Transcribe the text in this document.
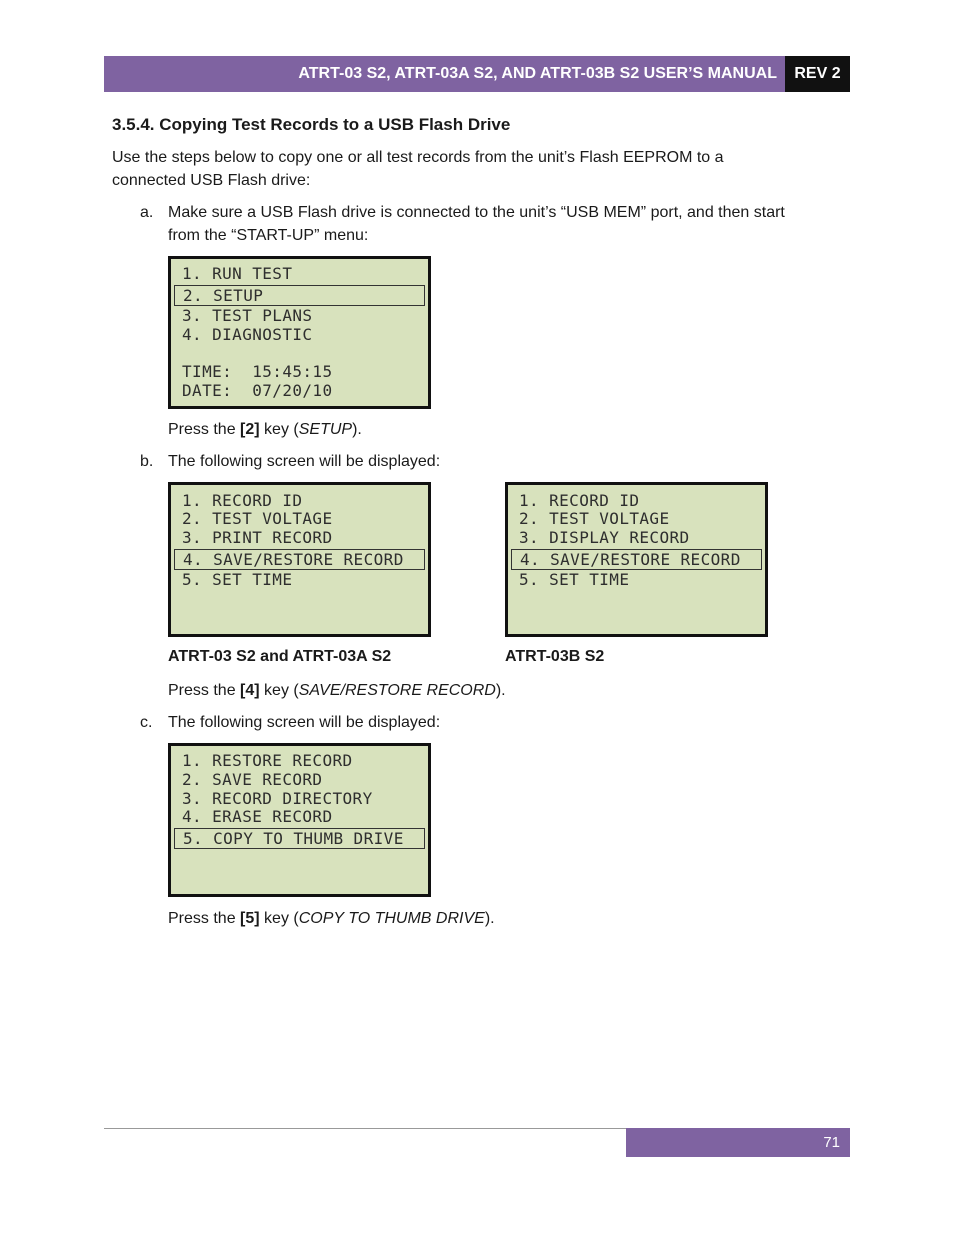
ATRT-03 S2, ATRT-03A S2, AND ATRT-03B S2 USER’S MANUAL REV 2
3.5.4. Copying Test Records to a USB Flash Drive

Use the steps below to copy one or all test records from the unit’s Flash EEPROM to a

connected USB Flash drive:

a. Make sure a USB Flash drive is connected to the unit’s “USB MEM” port, and then start

from the “START-UP” menu:

1. RUN TEST
2. SETUP
3. TEST PLANS
4. DIAGNOSTIC
TIME:  15:45:15
DATE:  07/20/10

Press the [2] key (SETUP).

b. The following screen will be displayed:

1. RECORD ID
2. TEST VOLTAGE
3. PRINT RECORD
4. SAVE/RESTORE RECORD
5. SET TIME
1. RECORD ID
2. TEST VOLTAGE
3. DISPLAY RECORD
4. SAVE/RESTORE RECORD
5. SET TIME
ATRT-03 S2 and ATRT-03A S2	ATRT-03B S2

Press the [4] key (SAVE/RESTORE RECORD).

c. The following screen will be displayed:

1. RESTORE RECORD
2. SAVE RECORD
3. RECORD DIRECTORY
4. ERASE RECORD
5. COPY TO THUMB DRIVE

Press the [5] key (COPY TO THUMB DRIVE).

71
